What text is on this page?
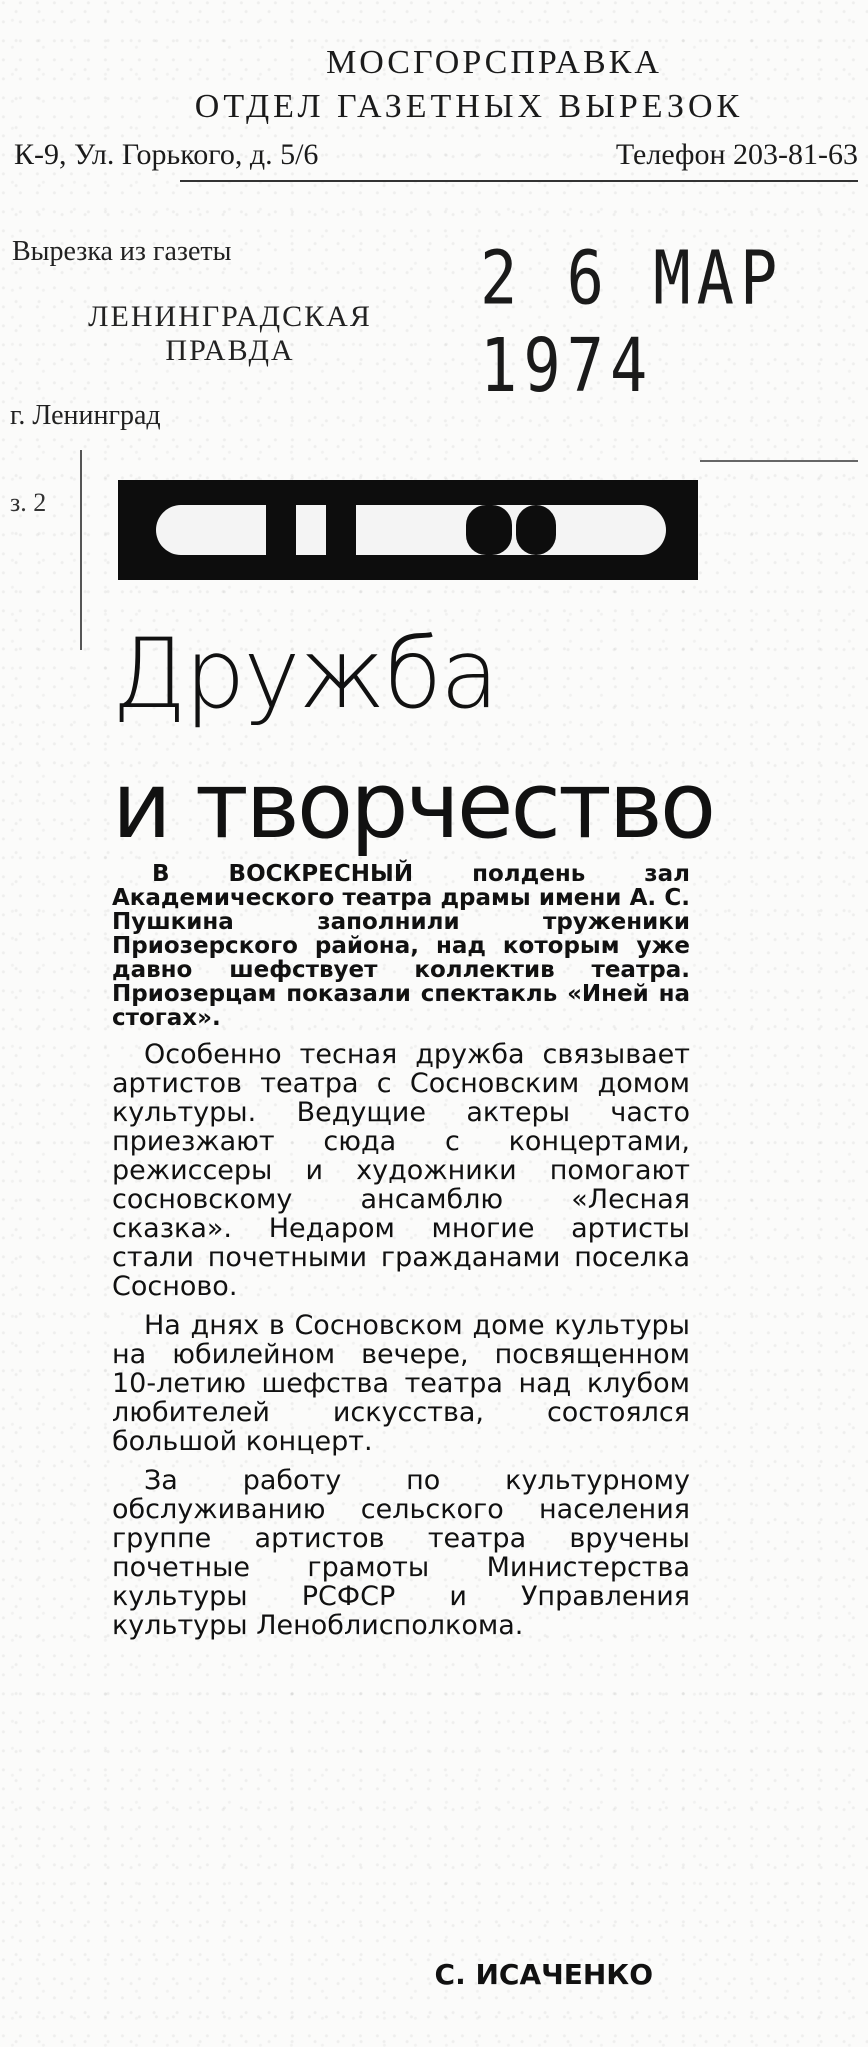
МОСГОРСПРАВКА
ОТДЕЛ ГАЗЕТНЫХ ВЫРЕЗОК
К-9, Ул. Горького, д. 5/6	Телефон 203-81-63
Вырезка из газеты	2 6 МАР 1974
ЛЕНИНГРАДСКАЯ ПРАВДА
г. Ленинград
з. 2
Дружба
и творчество

В ВОСКРЕСНЫЙ полдень зал Академического театра драмы имени А. С. Пушкина заполнили труженики Приозерского района, над которым уже давно шефствует коллектив театра. Приозерцам показали спектакль «Иней на стогах».

Особенно тесная дружба связывает артистов театра с Сосновским домом культуры. Ведущие актеры часто приезжают сюда с концертами, режиссеры и художники помогают сосновскому ансамблю «Лесная сказка». Недаром многие артисты стали почетными гражданами поселка Сосново.

На днях в Сосновском доме культуры на юбилейном вечере, посвященном 10-летию шефства театра над клубом любителей искусства, состоялся большой концерт.

За работу по культурному обслуживанию сельского населения группе артистов театра вручены почетные грамоты Министерства культуры РСФСР и Управления культуры Леноблисполкома.

С. ИСАЧЕНКО
